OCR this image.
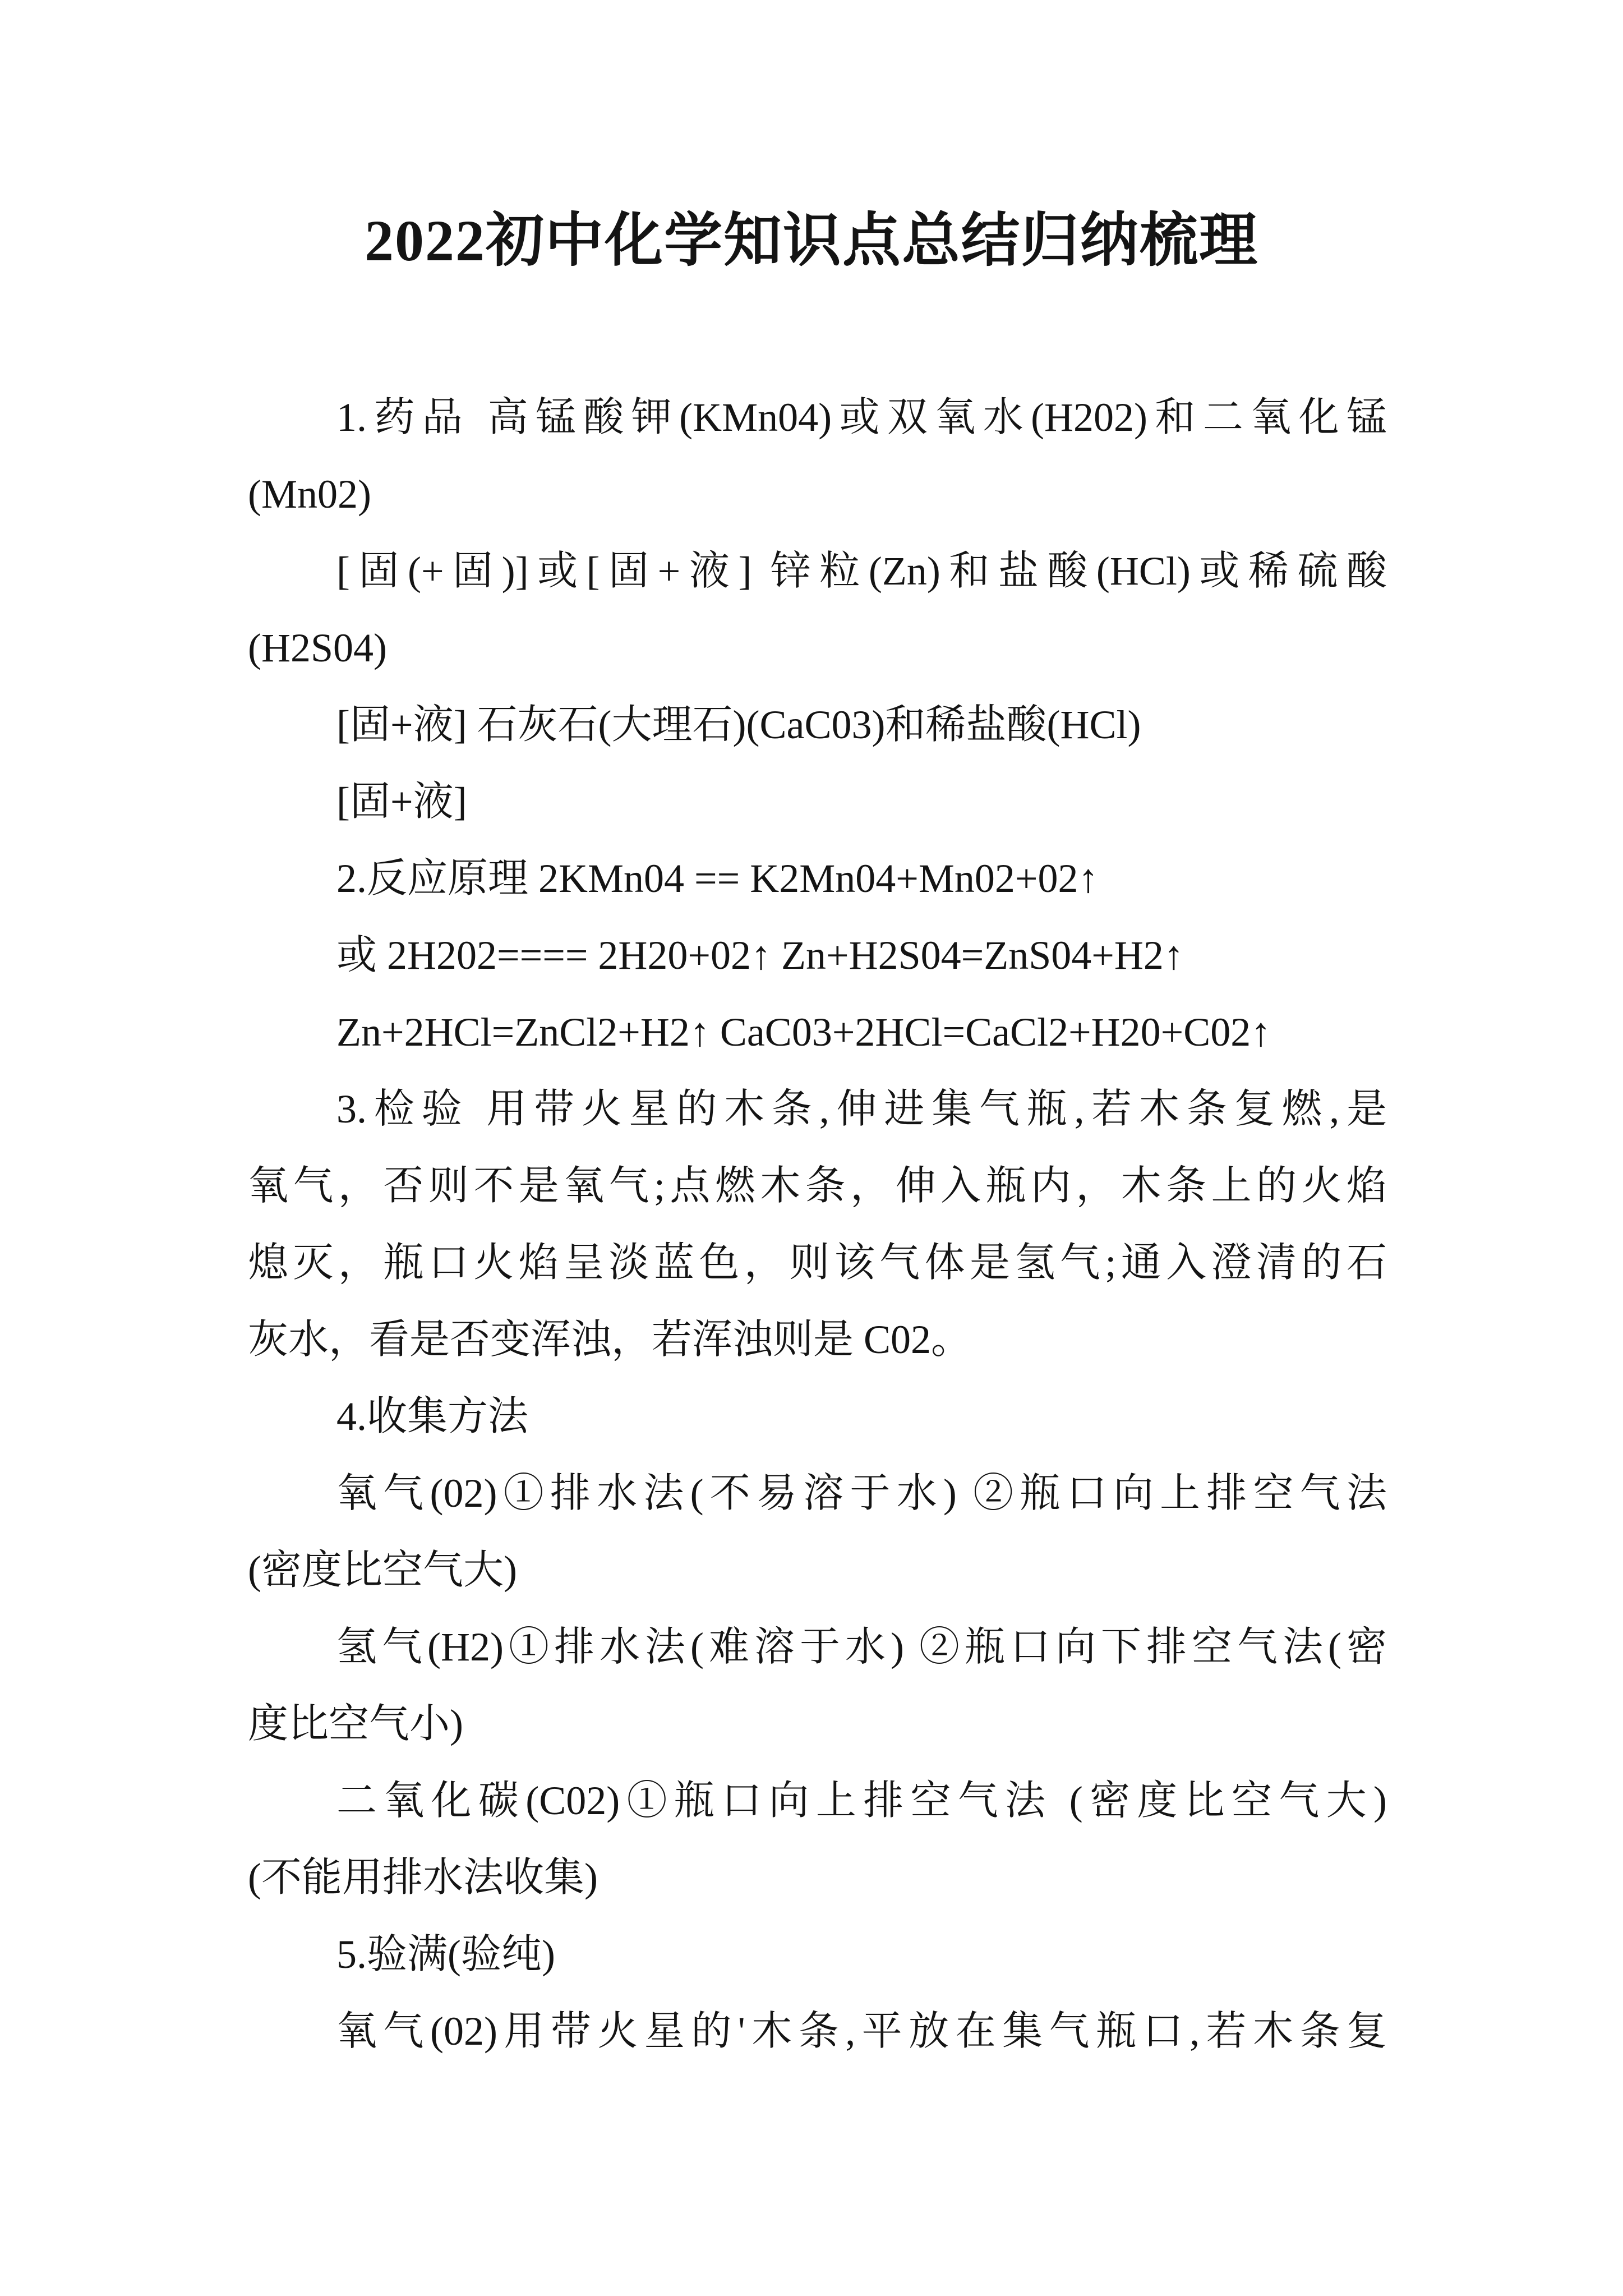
2022初中化学知识点总结归纳梳理
1.药品 高锰酸钾(KMn04)或双氧水(H202)和二氧化锰
(Mn02)
[固(+固)]或[固+液] 锌粒(Zn)和盐酸(HCl)或稀硫酸
(H2S04)
[固+液] 石灰石(大理石)(CaC03)和稀盐酸(HCl)
[固+液]
2.反应原理 2KMn04 == K2Mn04+Mn02+02↑
或 2H202==== 2H20+02↑ Zn+H2S04=ZnS04+H2↑
Zn+2HCl=ZnCl2+H2↑ CaC03+2HCl=CaCl2+H20+C02↑
3.检验 用带火星的木条,伸进集气瓶,若木条复燃,是
氧气，否则不是氧气;点燃木条，伸入瓶内，木条上的火焰
熄灭，瓶口火焰呈淡蓝色，则该气体是氢气;通入澄清的石
灰水，看是否变浑浊，若浑浊则是 C02。
4.收集方法
氧气(02)①排水法(不易溶于水) ②瓶口向上排空气法
(密度比空气大)
氢气(H2)①排水法(难溶于水) ②瓶口向下排空气法(密
度比空气小)
二氧化碳(C02)①瓶口向上排空气法 (密度比空气大)
(不能用排水法收集)
5.验满(验纯)
氧气(02)用带火星的'木条,平放在集气瓶口,若木条复
